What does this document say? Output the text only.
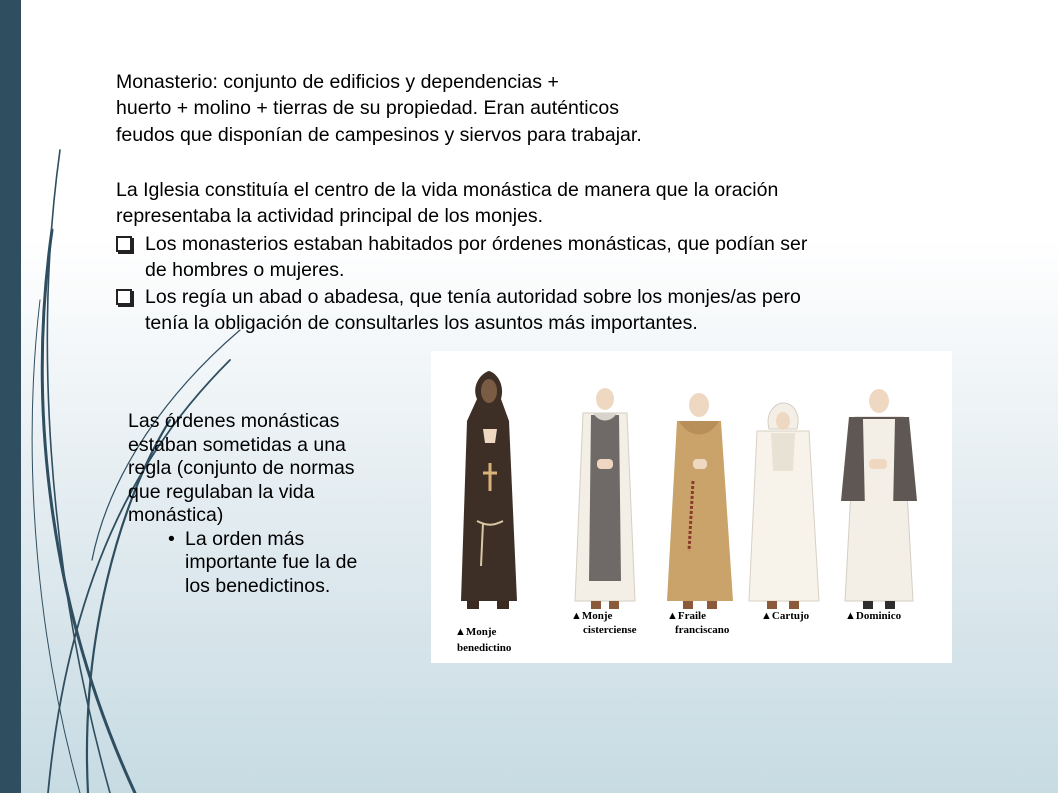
Monasterio: conjunto de edificios y dependencias +
huerto + molino + tierras de su propiedad. Eran auténticos
feudos que disponían de campesinos y siervos para trabajar.
La Iglesia constituía el centro de la vida monástica de manera que la oración
representaba la actividad principal de los monjes.
Los monasterios estaban habitados por órdenes monásticas, que podían ser
de hombres o mujeres.
Los regía un abad o abadesa, que tenía autoridad sobre los monjes/as pero
tenía la obligación de consultarles los asuntos más importantes.
Las órdenes monásticas
estaban sometidas a una
regla (conjunto de normas
que regulaban la vida
monástica)
• La orden más
importante fue la de
los benedictinos.
▲Monje
benedictino
▲Monje
cisterciense
▲Fraile
franciscano
▲Cartujo	▲Dominico
